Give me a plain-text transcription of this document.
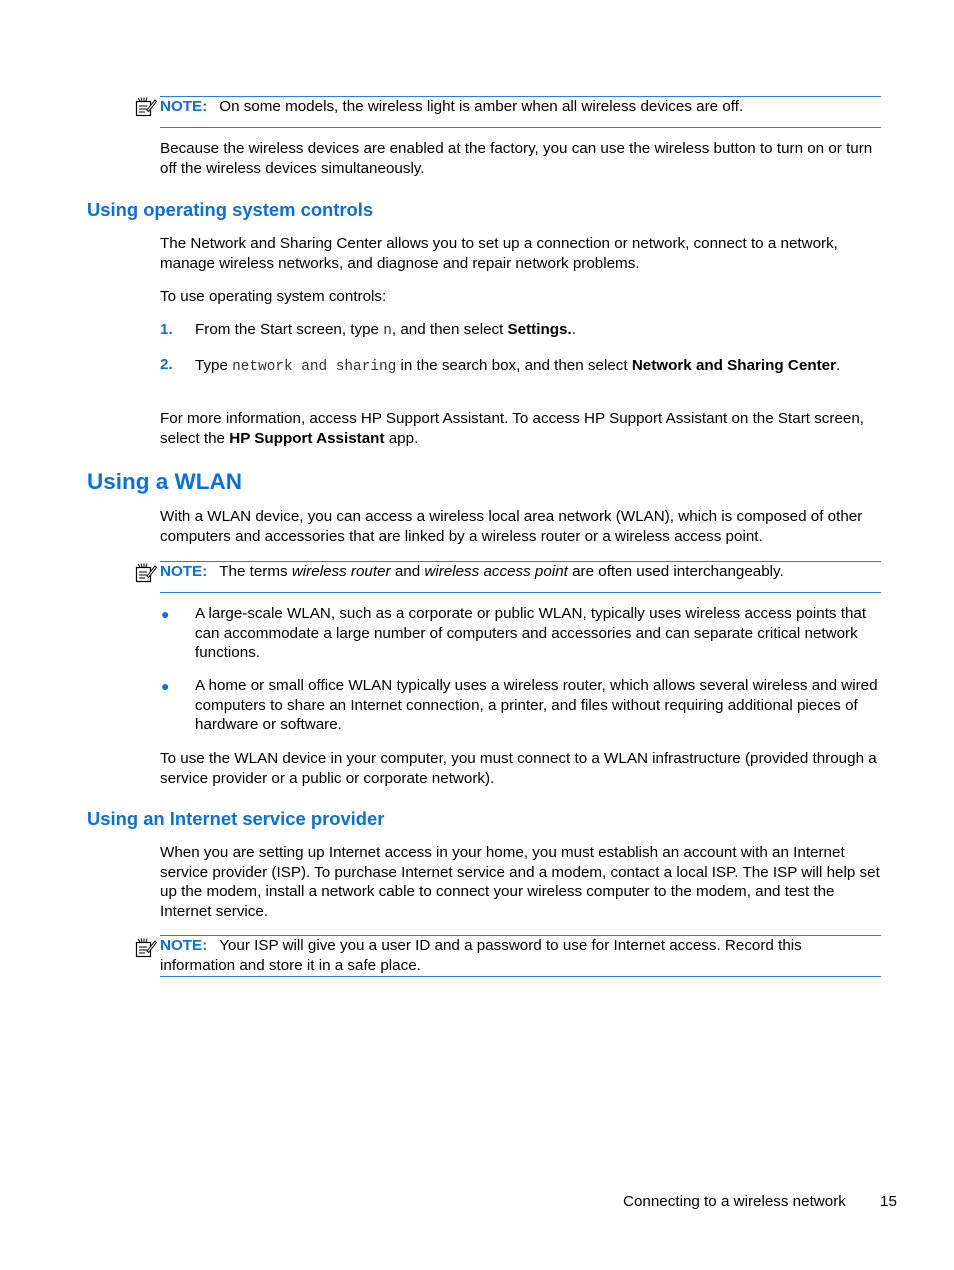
NOTE: On some models, the wireless light is amber when all wireless devices are off.

Because the wireless devices are enabled at the factory, you can use the wireless button to turn on or turn off the wireless devices simultaneously.

Using operating system controls

The Network and Sharing Center allows you to set up a connection or network, connect to a network, manage wireless networks, and diagnose and repair network problems.

To use operating system controls:

1. From the Start screen, type n, and then select Settings..

2. Type network and sharing in the search box, and then select Network and Sharing Center.

For more information, access HP Support Assistant. To access HP Support Assistant on the Start screen, select the HP Support Assistant app.

Using a WLAN

With a WLAN device, you can access a wireless local area network (WLAN), which is composed of other computers and accessories that are linked by a wireless router or a wireless access point.

NOTE: The terms wireless router and wireless access point are often used interchangeably.

● A large-scale WLAN, such as a corporate or public WLAN, typically uses wireless access points that can accommodate a large number of computers and accessories and can separate critical network functions.

● A home or small office WLAN typically uses a wireless router, which allows several wireless and wired computers to share an Internet connection, a printer, and files without requiring additional pieces of hardware or software.

To use the WLAN device in your computer, you must connect to a WLAN infrastructure (provided through a service provider or a public or corporate network).

Using an Internet service provider

When you are setting up Internet access in your home, you must establish an account with an Internet service provider (ISP). To purchase Internet service and a modem, contact a local ISP. The ISP will help set up the modem, install a network cable to connect your wireless computer to the modem, and test the Internet service.

NOTE: Your ISP will give you a user ID and a password to use for Internet access. Record this information and store it in a safe place.

Connecting to a wireless network 15
